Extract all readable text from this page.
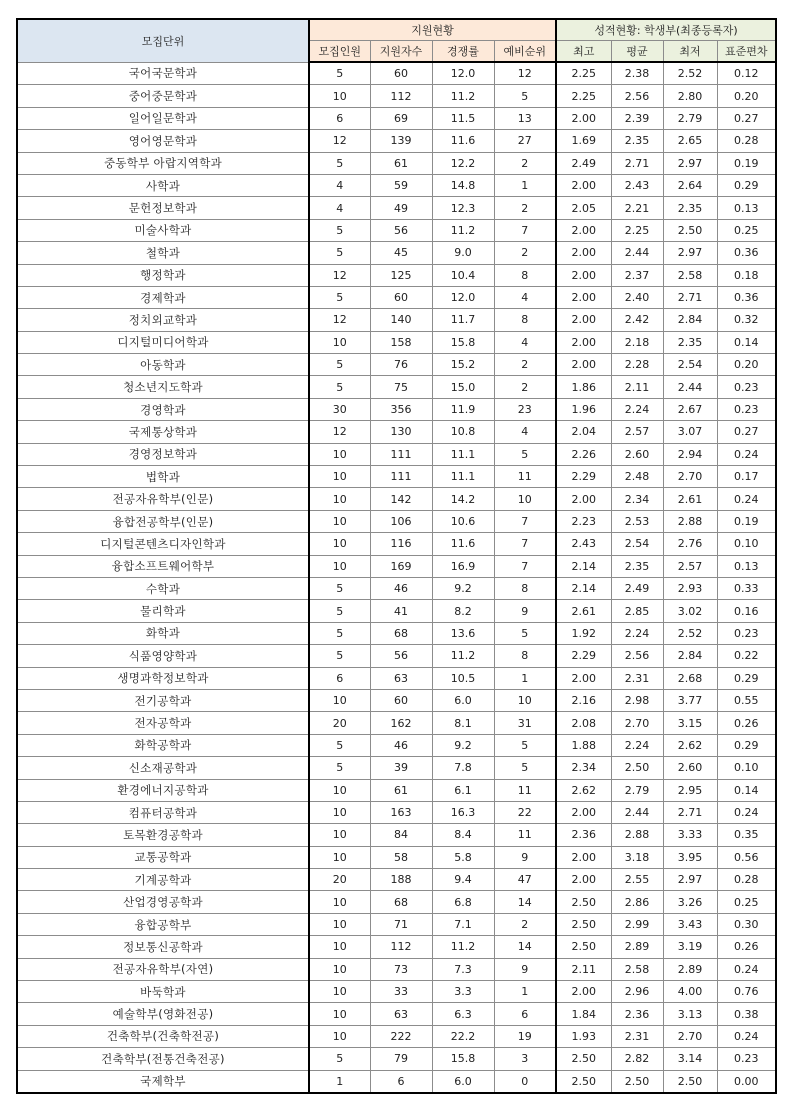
모집단위	지원현황				성적현황: 학생부(최종등록자)			
	모집인원	지원자수	경쟁률	예비순위	최고	평균	최저	표준편차
국어국문학과	5	60	12.0	12	2.25	2.38	2.52	0.12
중어중문학과	10	112	11.2	5	2.25	2.56	2.80	0.20
일어일문학과	6	69	11.5	13	2.00	2.39	2.79	0.27
영어영문학과	12	139	11.6	27	1.69	2.35	2.65	0.28
중동학부 아랍지역학과	5	61	12.2	2	2.49	2.71	2.97	0.19
사학과	4	59	14.8	1	2.00	2.43	2.64	0.29
문헌정보학과	4	49	12.3	2	2.05	2.21	2.35	0.13
미술사학과	5	56	11.2	7	2.00	2.25	2.50	0.25
철학과	5	45	9.0	2	2.00	2.44	2.97	0.36
행정학과	12	125	10.4	8	2.00	2.37	2.58	0.18
경제학과	5	60	12.0	4	2.00	2.40	2.71	0.36
정치외교학과	12	140	11.7	8	2.00	2.42	2.84	0.32
디지털미디어학과	10	158	15.8	4	2.00	2.18	2.35	0.14
아동학과	5	76	15.2	2	2.00	2.28	2.54	0.20
청소년지도학과	5	75	15.0	2	1.86	2.11	2.44	0.23
경영학과	30	356	11.9	23	1.96	2.24	2.67	0.23
국제통상학과	12	130	10.8	4	2.04	2.57	3.07	0.27
경영정보학과	10	111	11.1	5	2.26	2.60	2.94	0.24
법학과	10	111	11.1	11	2.29	2.48	2.70	0.17
전공자유학부(인문)	10	142	14.2	10	2.00	2.34	2.61	0.24
융합전공학부(인문)	10	106	10.6	7	2.23	2.53	2.88	0.19
디지털콘텐츠디자인학과	10	116	11.6	7	2.43	2.54	2.76	0.10
융합소프트웨어학부	10	169	16.9	7	2.14	2.35	2.57	0.13
수학과	5	46	9.2	8	2.14	2.49	2.93	0.33
물리학과	5	41	8.2	9	2.61	2.85	3.02	0.16
화학과	5	68	13.6	5	1.92	2.24	2.52	0.23
식품영양학과	5	56	11.2	8	2.29	2.56	2.84	0.22
생명과학정보학과	6	63	10.5	1	2.00	2.31	2.68	0.29
전기공학과	10	60	6.0	10	2.16	2.98	3.77	0.55
전자공학과	20	162	8.1	31	2.08	2.70	3.15	0.26
화학공학과	5	46	9.2	5	1.88	2.24	2.62	0.29
신소재공학과	5	39	7.8	5	2.34	2.50	2.60	0.10
환경에너지공학과	10	61	6.1	11	2.62	2.79	2.95	0.14
컴퓨터공학과	10	163	16.3	22	2.00	2.44	2.71	0.24
토목환경공학과	10	84	8.4	11	2.36	2.88	3.33	0.35
교통공학과	10	58	5.8	9	2.00	3.18	3.95	0.56
기계공학과	20	188	9.4	47	2.00	2.55	2.97	0.28
산업경영공학과	10	68	6.8	14	2.50	2.86	3.26	0.25
융합공학부	10	71	7.1	2	2.50	2.99	3.43	0.30
정보통신공학과	10	112	11.2	14	2.50	2.89	3.19	0.26
전공자유학부(자연)	10	73	7.3	9	2.11	2.58	2.89	0.24
바둑학과	10	33	3.3	1	2.00	2.96	4.00	0.76
예술학부(영화전공)	10	63	6.3	6	1.84	2.36	3.13	0.38
건축학부(건축학전공)	10	222	22.2	19	1.93	2.31	2.70	0.24
건축학부(전통건축전공)	5	79	15.8	3	2.50	2.82	3.14	0.23
국제학부	1	6	6.0	0	2.50	2.50	2.50	0.00
